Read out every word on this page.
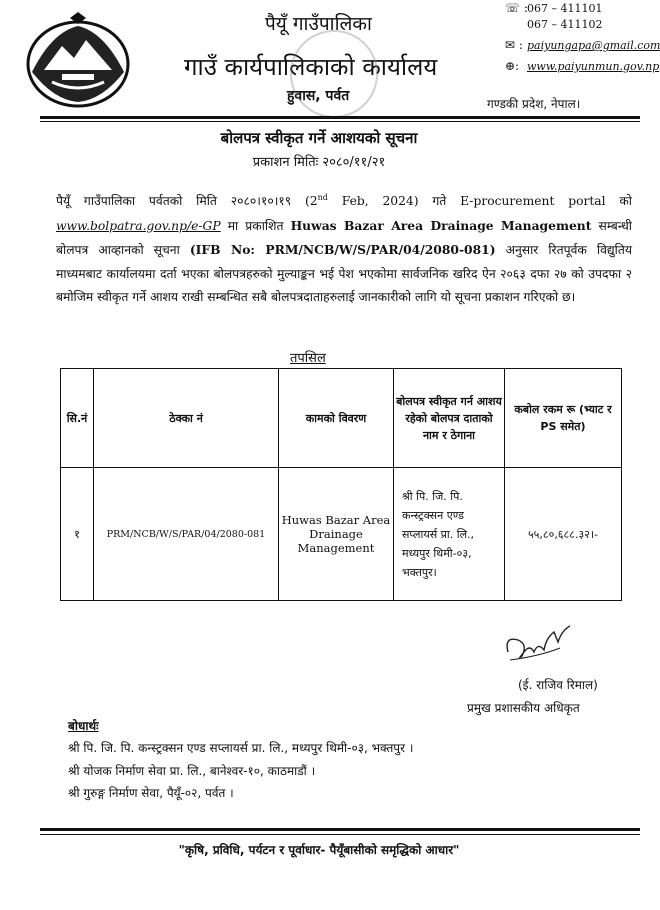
पैयूँ गाउँपालिका
गाउँ कार्यपालिकाको कार्यालय
हुवास, पर्वत
☏ :067 – 411101
067 – 411102
✉ : paiyungapa@gmail.com
⊕: www.paiyunmun.gov.np
गण्डकी प्रदेश, नेपाल।
बोलपत्र स्वीकृत गर्ने आशयको सूचना
प्रकाशन मितिः २०८०/११/२१
पैयूँ गाउँपालिका पर्वतको मिति २०८०।१०।१९ (2nd Feb, 2024) गते E-procurement portal को www.bolpatra.gov.np/e-GP मा प्रकाशित Huwas Bazar Area Drainage Management सम्बन्धी बोलपत्र आव्हानको सूचना (IFB No: PRM/NCB/W/S/PAR/04/2080-081) अनुसार रितपूर्वक विद्युतिय माध्यमबाट कार्यालयमा दर्ता भएका बोलपत्रहरुको मुल्याङ्कन भई पेश भएकोमा सार्वजनिक खरिद ऐन २०६३ दफा २७ को उपदफा २ बमोजिम स्वीकृत गर्ने आशय राखी सम्बन्धित सबै बोलपत्रदाताहरुलाई जानकारीको लागि यो सूचना प्रकाशन गरिएको छ।
तपसिल
सि.नं	ठेक्का नं	कामको विवरण	बोलपत्र स्वीकृत गर्न आशय रहेको बोलपत्र दाताको नाम र ठेगाना	कबोल रकम रू (भ्याट र PS समेत)
१	PRM/NCB/W/S/PAR/04/2080-081	Huwas Bazar Area Drainage Management	श्री पि. जि. पि. कन्स्ट्रक्सन एण्ड सप्लायर्स प्रा. लि., मध्यपुर थिमी-०३, भक्तपुर।	५५,८०,६८८.३२।-
(ई. राजिव रिमाल)
प्रमुख प्रशासकीय अधिकृत
बोधार्थः
श्री पि. जि. पि. कन्स्ट्रक्सन एण्ड सप्लायर्स प्रा. लि., मध्यपुर थिमी-०३, भक्तपुर ।
श्री योजक निर्माण सेवा प्रा. लि., बानेश्वर-१०, काठमाडौं ।
श्री गुरुङ्ग निर्माण सेवा, पैयूँ-०२, पर्वत ।
"कृषि, प्रविधि, पर्यटन र पूर्वाधार- पैयूँबासीको समृद्धिको आधार"
